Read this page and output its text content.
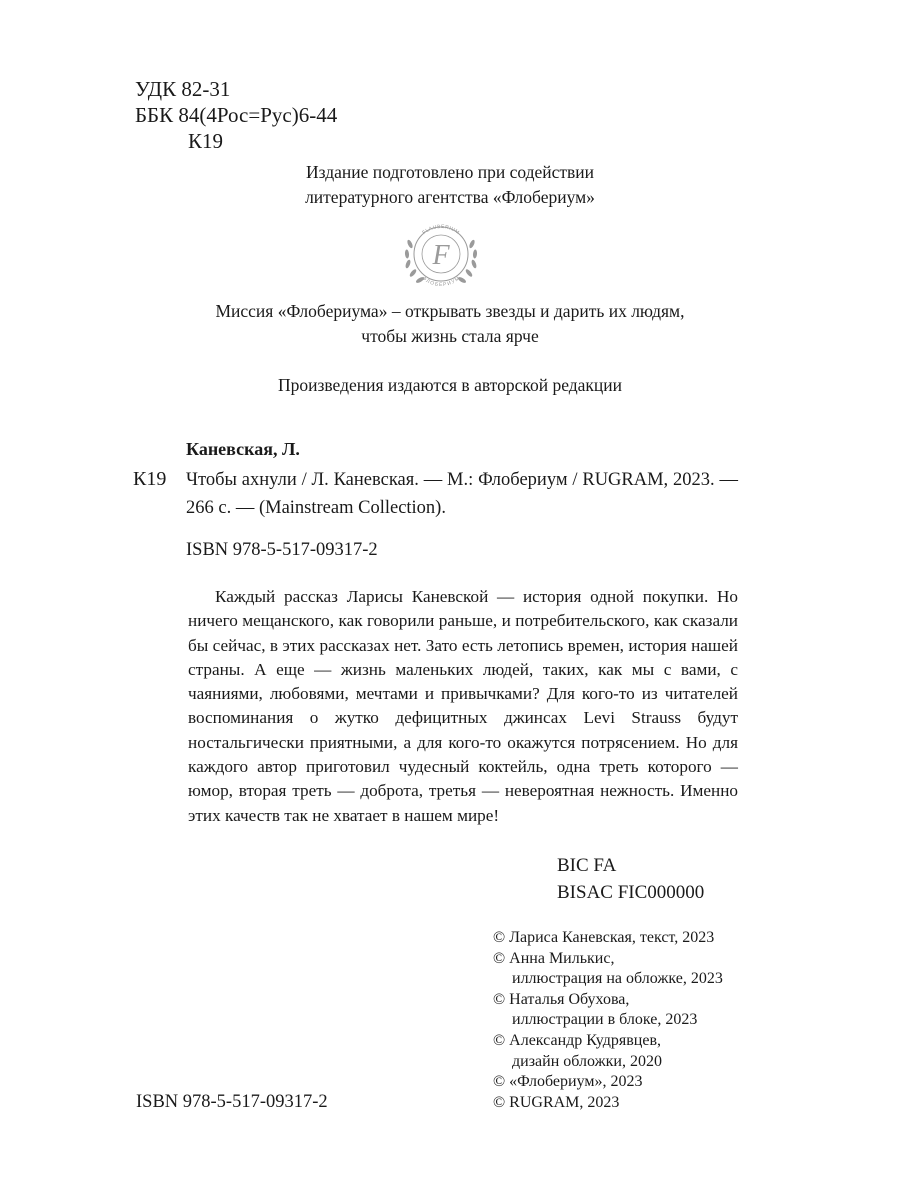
УДК 82-31
ББК 84(4Рос=Рус)6-44
К19
Издание подготовлено при содействии
литературного агентства «Флобериум»
FLAUBERIUM
ФЛОБЕРИУМ
F
Миссия «Флобериума» – открывать звезды и дарить их людям,
чтобы жизнь стала ярче
Произведения издаются в авторской редакции
Каневская, Л.
К19 Чтобы ахнули / Л. Каневская. — М.: Флобериум / RUGRAM, 2023. — 266 с. — (Mainstream Collection).
ISBN 978-5-517-09317-2
Каждый рассказ Ларисы Каневской — история одной покупки. Но ничего мещанского, как говорили раньше, и потребительского, как сказали бы сейчас, в этих рассказах нет. Зато есть летопись времен, история нашей страны. А еще — жизнь маленьких людей, таких, как мы с вами, с чаяниями, любовями, мечтами и привычками? Для кого-то из читателей воспоминания о жутко дефицитных джинсах Levi Strauss будут ностальгически приятными, а для кого-то окажутся потрясением. Но для каждого автор приготовил чудесный коктейль, одна треть которого — юмор, вторая треть — доброта, третья — невероятная нежность. Именно этих качеств так не хватает в нашем мире!
BIC FA
BISAC FIC000000
© Лариса Каневская, текст, 2023
© Анна Милькис,
иллюстрация на обложке, 2023
© Наталья Обухова,
иллюстрации в блоке, 2023
© Александр Кудрявцев,
дизайн обложки, 2020
© «Флобериум», 2023
© RUGRAM, 2023
ISBN 978-5-517-09317-2
